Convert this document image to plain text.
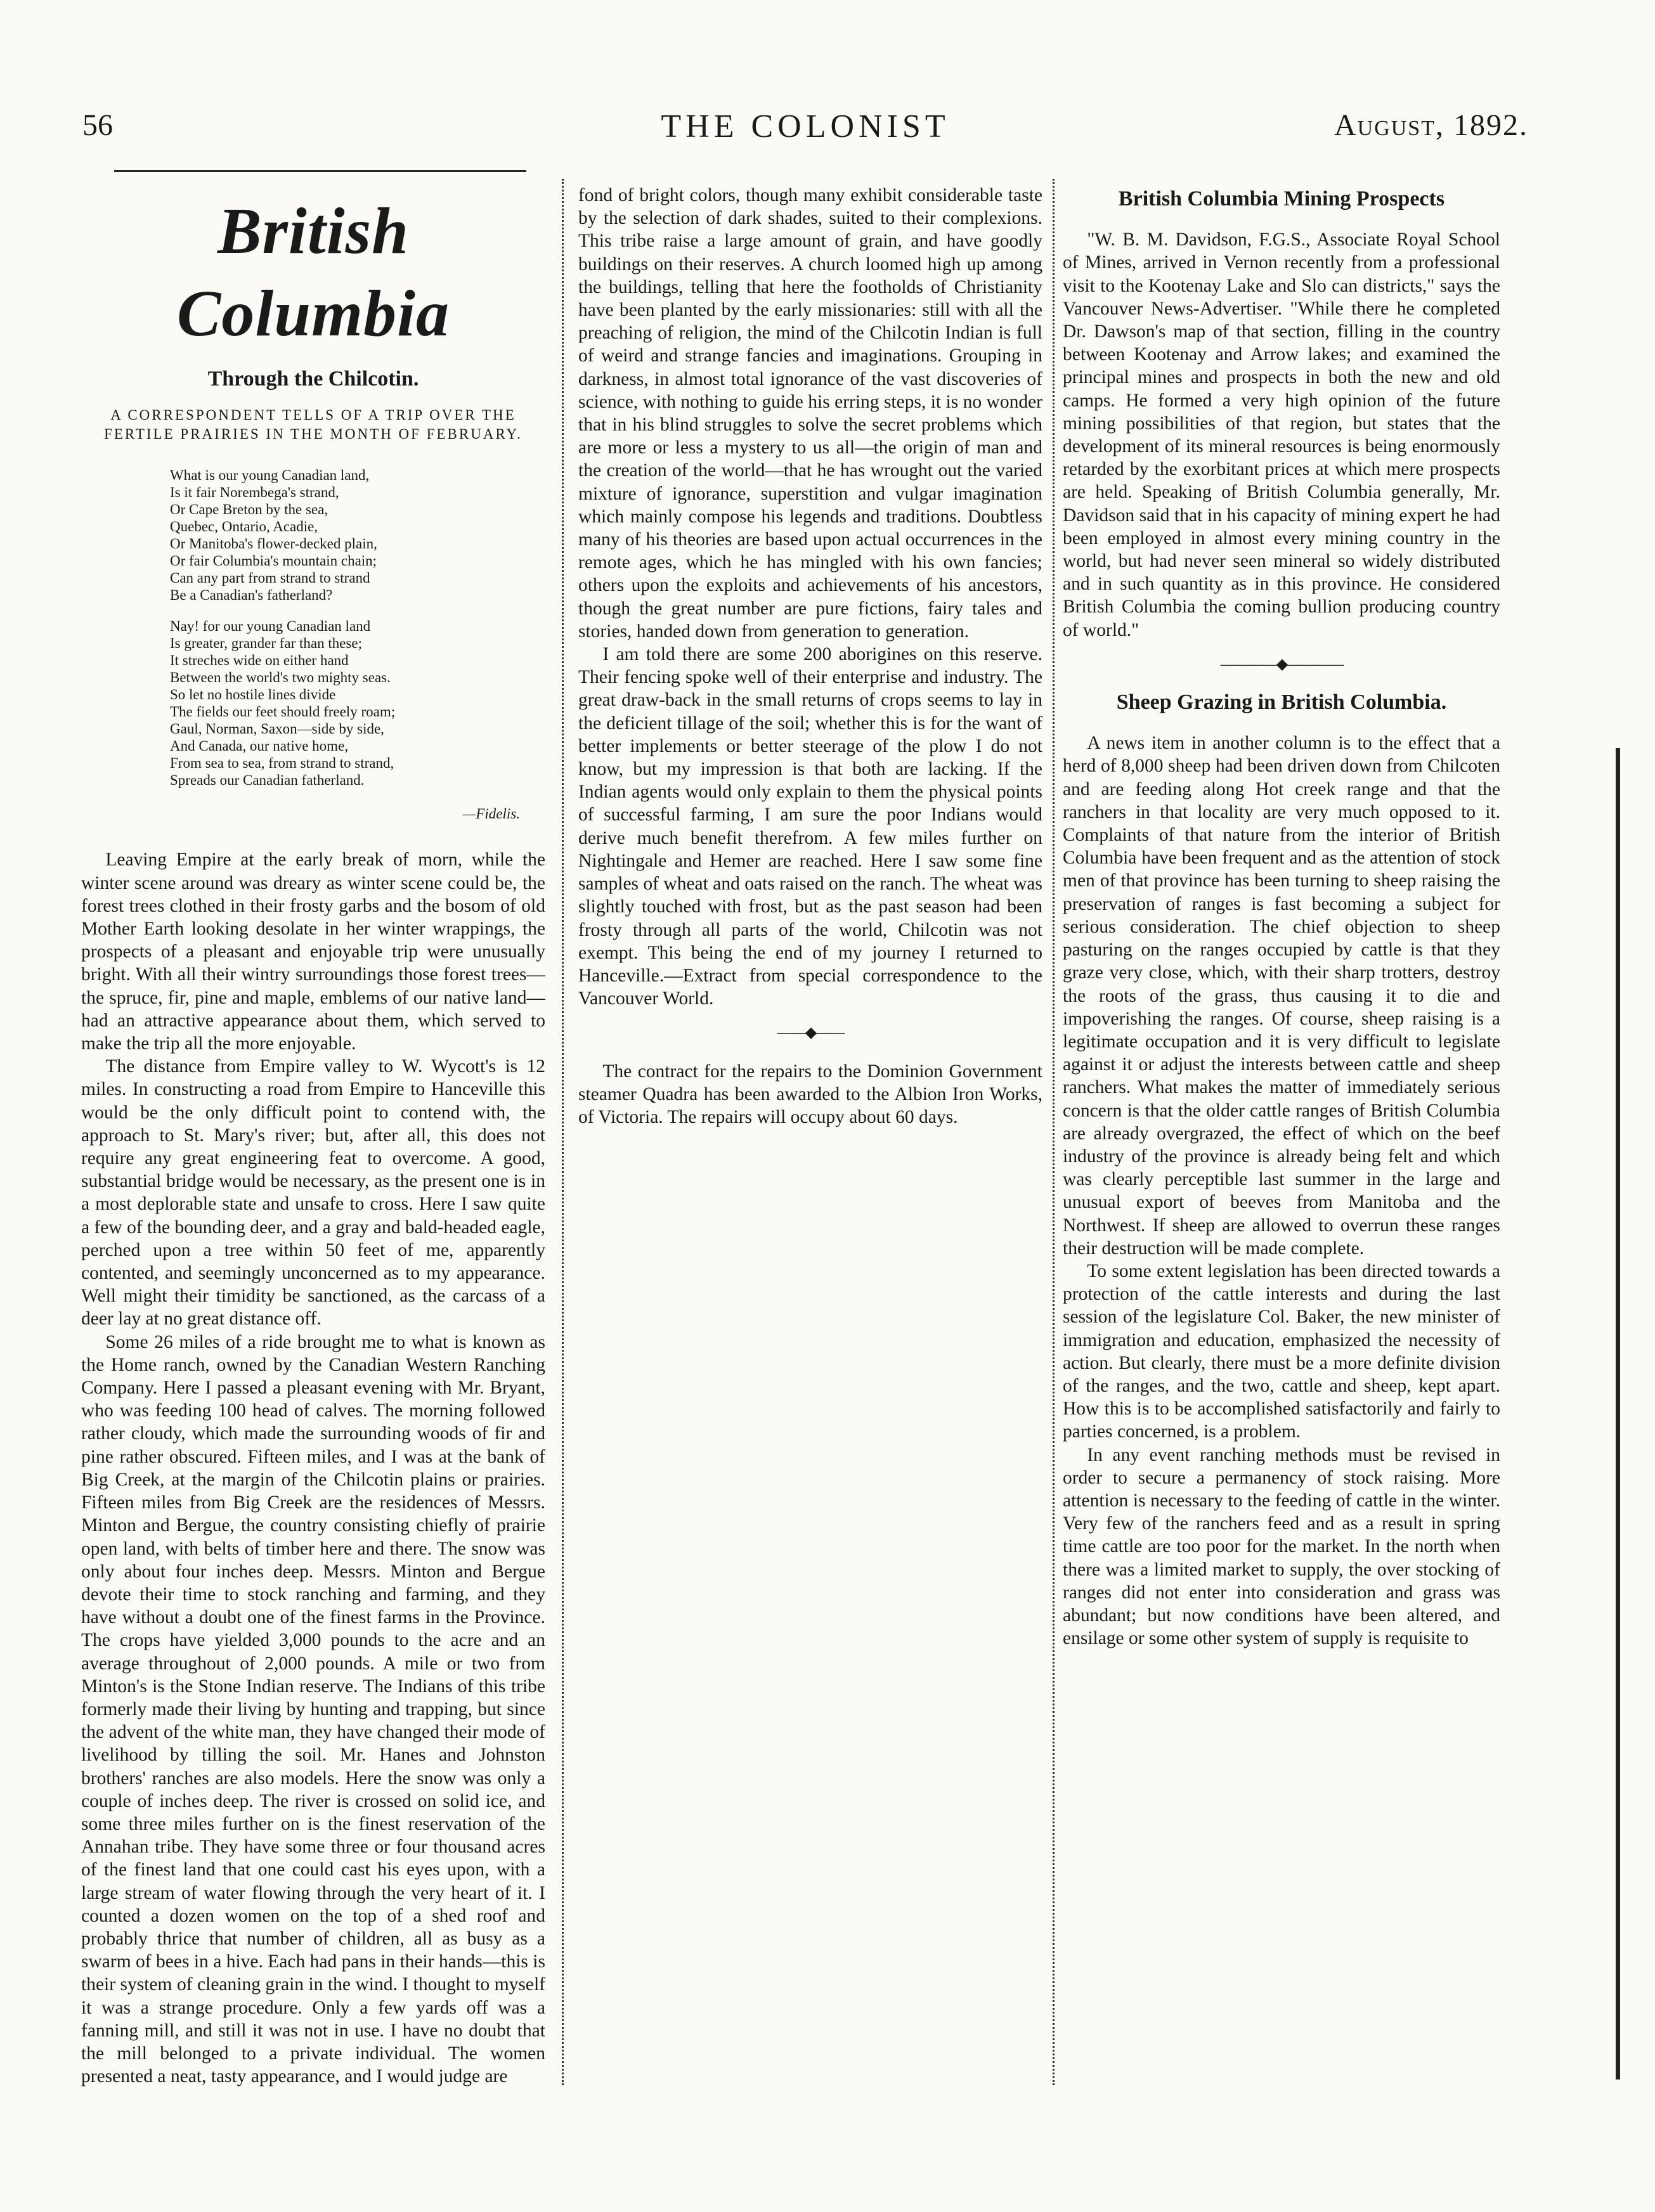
56	THE COLONIST	August, 1892.
British Columbia
Through the Chilcotin.
A CORRESPONDENT TELLS OF A TRIP OVER THE FERTILE PRAIRIES IN THE MONTH OF FEBRUARY.
What is our young Canadian land,
Is it fair Norembega's strand,
Or Cape Breton by the sea,
Quebec, Ontario, Acadie,
Or Manitoba's flower-decked plain,
Or fair Columbia's mountain chain;
Can any part from strand to strand
Be a Canadian's fatherland?
Nay! for our young Canadian land
Is greater, grander far than these;
It streches wide on either hand
Between the world's two mighty seas.
So let no hostile lines divide
The fields our feet should freely roam;
Gaul, Norman, Saxon—side by side,
And Canada, our native home,
From sea to sea, from strand to strand,
Spreads our Canadian fatherland.
—Fidelis.

Leaving Empire at the early break of morn, while the winter scene around was dreary as winter scene could be, the forest trees clothed in their frosty garbs and the bosom of old Mother Earth looking desolate in her winter wrappings, the prospects of a pleasant and enjoyable trip were unusually bright. With all their wintry surroundings those forest trees—the spruce, fir, pine and maple, emblems of our native land—had an attractive appearance about them, which served to make the trip all the more enjoyable.

The distance from Empire valley to W. Wycott's is 12 miles. In constructing a road from Empire to Hanceville this would be the only difficult point to contend with, the approach to St. Mary's river; but, after all, this does not require any great engineering feat to overcome. A good, substantial bridge would be necessary, as the present one is in a most deplorable state and unsafe to cross. Here I saw quite a few of the bounding deer, and a gray and bald-headed eagle, perched upon a tree within 50 feet of me, apparently contented, and seemingly unconcerned as to my appearance. Well might their timidity be sanctioned, as the carcass of a deer lay at no great distance off.

Some 26 miles of a ride brought me to what is known as the Home ranch, owned by the Canadian Western Ranching Company. Here I passed a pleasant evening with Mr. Bryant, who was feeding 100 head of calves. The morning followed rather cloudy, which made the surrounding woods of fir and pine rather obscured. Fifteen miles, and I was at the bank of Big Creek, at the margin of the Chilcotin plains or prairies. Fifteen miles from Big Creek are the residences of Messrs. Minton and Bergue, the country consisting chiefly of prairie open land, with belts of timber here and there. The snow was only about four inches deep. Messrs. Minton and Bergue devote their time to stock ranching and farming, and they have without a doubt one of the finest farms in the Province. The crops have yielded 3,000 pounds to the acre and an average throughout of 2,000 pounds. A mile or two from Minton's is the Stone Indian reserve. The Indians of this tribe formerly made their living by hunting and trapping, but since the advent of the white man, they have changed their mode of livelihood by tilling the soil. Mr. Hanes and Johnston brothers' ranches are also models. Here the snow was only a couple of inches deep. The river is crossed on solid ice, and some three miles further on is the finest reservation of the Annahan tribe. They have some three or four thousand acres of the finest land that one could cast his eyes upon, with a large stream of water flowing through the very heart of it. I counted a dozen women on the top of a shed roof and probably thrice that number of children, all as busy as a swarm of bees in a hive. Each had pans in their hands—this is their system of cleaning grain in the wind. I thought to myself it was a strange procedure. Only a few yards off was a fanning mill, and still it was not in use. I have no doubt that the mill belonged to a private individual. The women presented a neat, tasty appearance, and I would judge are

fond of bright colors, though many exhibit considerable taste by the selection of dark shades, suited to their complexions. This tribe raise a large amount of grain, and have goodly buildings on their reserves. A church loomed high up among the buildings, telling that here the footholds of Christianity have been planted by the early missionaries: still with all the preaching of religion, the mind of the Chilcotin Indian is full of weird and strange fancies and imaginations. Grouping in darkness, in almost total ignorance of the vast discoveries of science, with nothing to guide his erring steps, it is no wonder that in his blind struggles to solve the secret problems which are more or less a mystery to us all—the origin of man and the creation of the world—that he has wrought out the varied mixture of ignorance, superstition and vulgar imagination which mainly compose his legends and traditions. Doubtless many of his theories are based upon actual occurrences in the remote ages, which he has mingled with his own fancies; others upon the exploits and achievements of his ancestors, though the great number are pure fictions, fairy tales and stories, handed down from generation to generation.

I am told there are some 200 aborigines on this reserve. Their fencing spoke well of their enterprise and industry. The great draw-back in the small returns of crops seems to lay in the deficient tillage of the soil; whether this is for the want of better implements or better steerage of the plow I do not know, but my impression is that both are lacking. If the Indian agents would only explain to them the physical points of successful farming, I am sure the poor Indians would derive much benefit therefrom. A few miles further on Nightingale and Hemer are reached. Here I saw some fine samples of wheat and oats raised on the ranch. The wheat was slightly touched with frost, but as the past season had been frosty through all parts of the world, Chilcotin was not exempt. This being the end of my journey I returned to Hanceville.—Extract from special correspondence to the Vancouver World.

——◆——

The contract for the repairs to the Dominion Government steamer Quadra has been awarded to the Albion Iron Works, of Victoria. The repairs will occupy about 60 days.

British Columbia Mining Prospects

"W. B. M. Davidson, F.G.S., Associate Royal School of Mines, arrived in Vernon recently from a professional visit to the Kootenay Lake and Slo can districts," says the Vancouver News-Advertiser. "While there he completed Dr. Dawson's map of that section, filling in the country between Kootenay and Arrow lakes; and examined the principal mines and prospects in both the new and old camps. He formed a very high opinion of the future mining possibilities of that region, but states that the development of its mineral resources is being enormously retarded by the exorbitant prices at which mere prospects are held. Speaking of British Columbia generally, Mr. Davidson said that in his capacity of mining expert he had been employed in almost every mining country in the world, but had never seen mineral so widely distributed and in such quantity as in this province. He considered British Columbia the coming bullion producing country of world."

————◆————
Sheep Grazing in British Columbia.

A news item in another column is to the effect that a herd of 8,000 sheep had been driven down from Chilcoten and are feeding along Hot creek range and that the ranchers in that locality are very much opposed to it. Complaints of that nature from the interior of British Columbia have been frequent and as the attention of stock men of that province has been turning to sheep raising the preservation of ranges is fast becoming a subject for serious consideration. The chief objection to sheep pasturing on the ranges occupied by cattle is that they graze very close, which, with their sharp trotters, destroy the roots of the grass, thus causing it to die and impoverishing the ranges. Of course, sheep raising is a legitimate occupation and it is very difficult to legislate against it or adjust the interests between cattle and sheep ranchers. What makes the matter of immediately serious concern is that the older cattle ranges of British Columbia are already overgrazed, the effect of which on the beef industry of the province is already being felt and which was clearly perceptible last summer in the large and unusual export of beeves from Manitoba and the Northwest. If sheep are allowed to overrun these ranges their destruction will be made complete.

To some extent legislation has been directed towards a protection of the cattle interests and during the last session of the legislature Col. Baker, the new minister of immigration and education, emphasized the necessity of action. But clearly, there must be a more definite division of the ranges, and the two, cattle and sheep, kept apart. How this is to be accomplished satisfactorily and fairly to parties concerned, is a problem.

In any event ranching methods must be revised in order to secure a permanency of stock raising. More attention is necessary to the feeding of cattle in the winter. Very few of the ranchers feed and as a result in spring time cattle are too poor for the market. In the north when there was a limited market to supply, the over stocking of ranges did not enter into consideration and grass was abundant; but now conditions have been altered, and ensilage or some other system of supply is requisite to
